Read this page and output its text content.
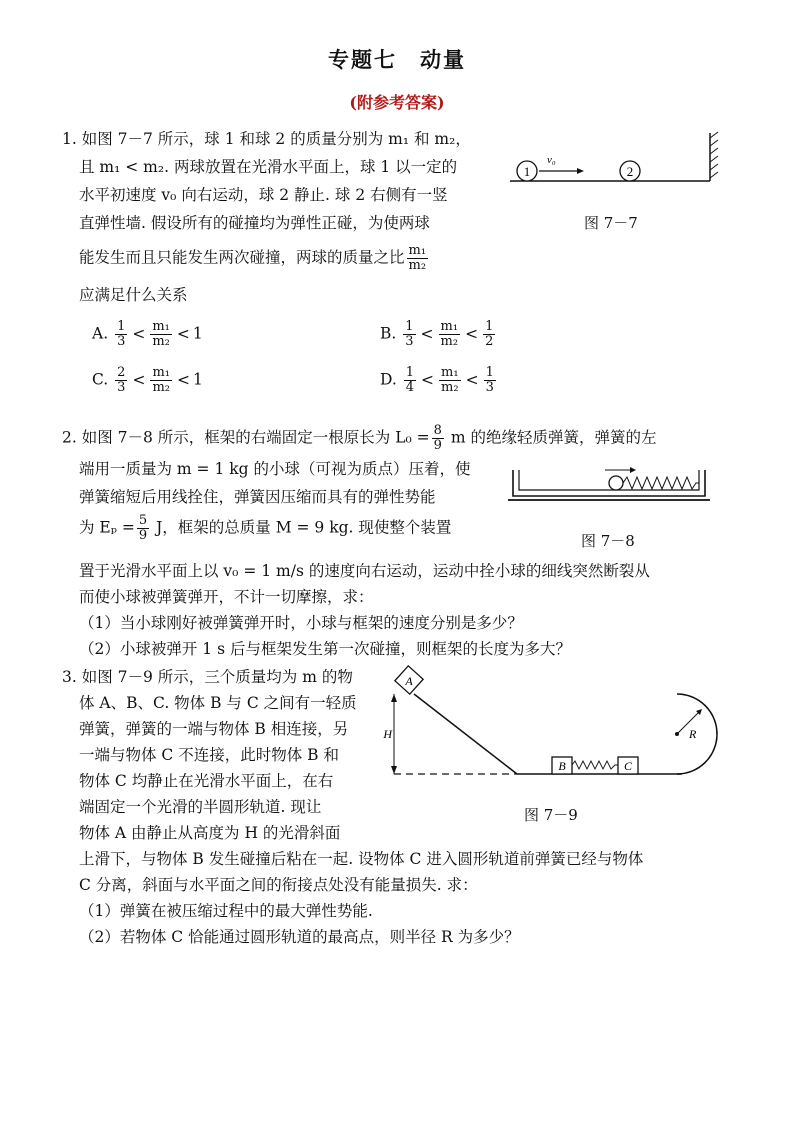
专题七　动量
(附参考答案)
1. 如图 7－7 所示，球 1 和球 2 的质量分别为 m₁ 和 m₂，
且 m₁ < m₂. 两球放置在光滑水平面上，球 1 以一定的
水平初速度 v₀ 向右运动，球 2 静止. 球 2 右侧有一竖
直弹性墙. 假设所有的碰撞均为弹性正碰，为使两球
能发生而且只能发生两次碰撞，两球的质量之比 $\frac{\text{m₁}}{\text{m₂}}$
应满足什么关系
A. $\frac{1}{3} < \frac{\text{m₁}}{\text{m₂}} < 1$	B. $\frac{1}{3} < \frac{\text{m₁}}{\text{m₂}} < \frac{1}{2}$
C. $\frac{2}{3} < \frac{\text{m₁}}{\text{m₂}} < 1$	D. $\frac{1}{4} < \frac{\text{m₁}}{\text{m₂}} < \frac{1}{3}$
1	2
v₀
图 7－7
2. 如图 7－8 所示，框架的右端固定一根原长为 $L_0 = \frac{8}{9}$ m 的绝缘轻质弹簧，弹簧的左
端用一质量为 m = 1 kg 的小球（可视为质点）压着，使
弹簧缩短后用线拴住，弹簧因压缩而具有的弹性势能
为 $E_p = \frac{5}{9}$ J，框架的总质量 M = 9 kg. 现使整个装置
置于光滑水平面上以 v₀ = 1 m/s 的速度向右运动，运动中拴小球的细线突然断裂从
而使小球被弹簧弹开，不计一切摩擦，求：
（1）当小球刚好被弹簧弹开时，小球与框架的速度分别是多少？
（2）小球被弹开 1 s 后与框架发生第一次碰撞，则框架的长度为多大？
图 7－8
3. 如图 7－9 所示，三个质量均为 m 的物
体 A、B、C. 物体 B 与 C 之间有一轻质
弹簧，弹簧的一端与物体 B 相连接，另
一端与物体 C 不连接，此时物体 B 和
物体 C 均静止在光滑水平面上，在右
端固定一个光滑的半圆形轨道. 现让
物体 A 由静止从高度为 H 的光滑斜面
上滑下，与物体 B 发生碰撞后粘在一起. 设物体 C 进入圆形轨道前弹簧已经与物体
C 分离，斜面与水平面之间的衔接点处没有能量损失. 求：
（1）弹簧在被压缩过程中的最大弹性势能.
（2）若物体 C 恰能通过圆形轨道的最高点，则半径 R 为多少？
A
H
B	C
R
图 7－9
